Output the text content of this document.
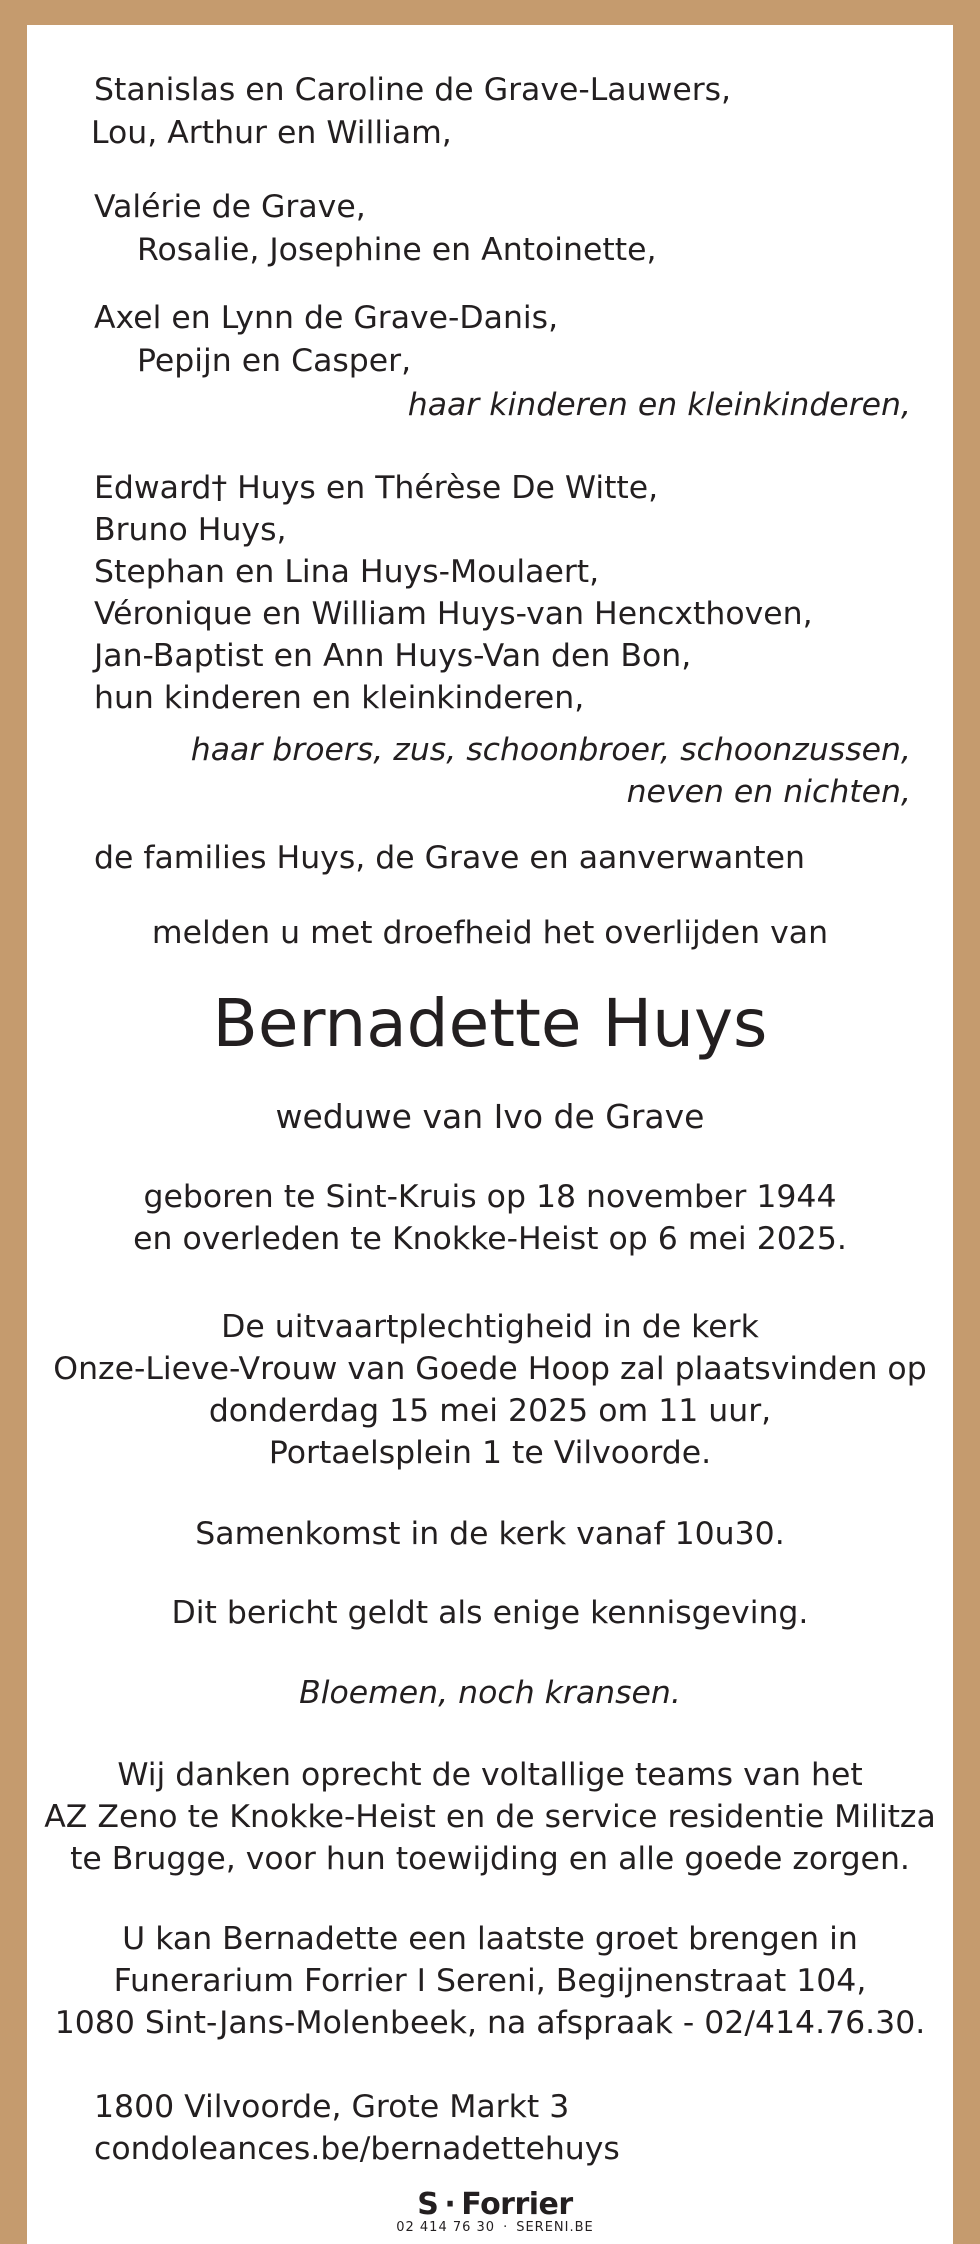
Stanislas en Caroline de Grave-Lauwers,
Lou, Arthur en William,
Valérie de Grave,
Rosalie, Josephine en Antoinette,
Axel en Lynn de Grave-Danis,
Pepijn en Casper,
haar kinderen en kleinkinderen,
Edward† Huys en Thérèse De Witte,
Bruno Huys,
Stephan en Lina Huys-Moulaert,
Véronique en William Huys-van Hencxthoven,
Jan-Baptist en Ann Huys-Van den Bon,
hun kinderen en kleinkinderen,
haar broers, zus, schoonbroer, schoonzussen,
neven en nichten,
de families Huys, de Grave en aanverwanten
melden u met droefheid het overlijden van
Bernadette Huys
weduwe van Ivo de Grave
geboren te Sint-Kruis op 18 november 1944
en overleden te Knokke-Heist op 6 mei 2025.
De uitvaartplechtigheid in de kerk
Onze-Lieve-Vrouw van Goede Hoop zal plaatsvinden op
donderdag 15 mei 2025 om 11 uur,
Portaelsplein 1 te Vilvoorde.
Samenkomst in de kerk vanaf 10u30.
Dit bericht geldt als enige kennisgeving.
Bloemen, noch kransen.
Wij danken oprecht de voltallige teams van het
AZ Zeno te Knokke-Heist en de service residentie Militza
te Brugge, voor hun toewijding en alle goede zorgen.
U kan Bernadette een laatste groet brengen in
Funerarium Forrier I Sereni, Begijnenstraat 104,
1080 Sint-Jans-Molenbeek, na afspraak - 02/414.76.30.
1800 Vilvoorde, Grote Markt 3
condoleances.be/bernadettehuys
S · Forrier
02 414 76 30 · SERENI.BE
